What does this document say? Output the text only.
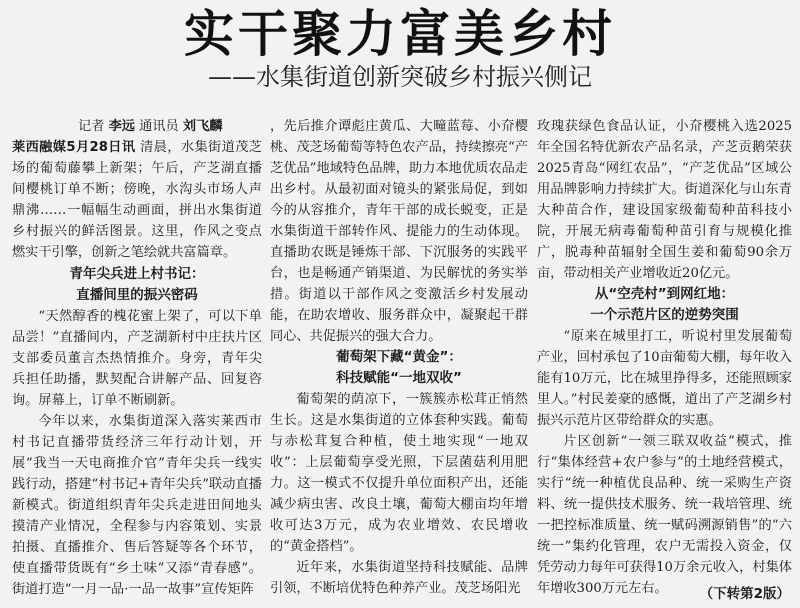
实干聚力富美乡村
——水集街道创新突破乡村振兴侧记

记者 李远 通讯员 刘飞麟

莱西融媒5月28日讯 清晨，水集街道茂芝场的葡萄藤攀上新架；午后，产芝湖直播间樱桃订单不断；傍晚，水沟头市场人声鼎沸……一幅幅生动画面，拼出水集街道乡村振兴的鲜活图景。这里，作风之变点燃实干引擎，创新之笔绘就共富篇章。

青年尖兵进上村书记：
直播间里的振兴密码

“天然醇香的槐花蜜上架了，可以下单品尝！”直播间内，产芝湖新村中庄扶片区支部委员董言杰热情推介。身旁，青年尖兵担任助播，默契配合讲解产品、回复咨询。屏幕上，订单不断刷新。

今年以来，水集街道深入落实莱西市村书记直播带货经济三年行动计划，开展“我当一天电商推介官”青年尖兵一线实践行动，搭建“村书记+青年尖兵”联动直播新模式。街道组织青年尖兵走进田间地头摸清产业情况，全程参与内容策划、实景拍摄、直播推介、售后答疑等各个环节，使直播带货既有“乡土味”又添“青春感”。街道打造“一月一品·一品一故事”宣传矩阵

，先后推介谭彪庄黄瓜、大疃蓝莓、小夼樱桃、茂芝场葡萄等特色农产品，持续擦亮“产芝优品”地域特色品牌，助力本地优质农品走出乡村。从最初面对镜头的紧张局促，到如今的从容推介，青年干部的成长蜕变，正是水集街道干部转作风、提能力的生动体现。直播助农既是锤炼干部、下沉服务的实践平台，也是畅通产销渠道、为民解忧的务实举措。街道以干部作风之变激活乡村发展动能，在助农增收、服务群众中，凝聚起干群同心、共促振兴的强大合力。

葡萄架下藏“黄金”：
科技赋能“一地双收”

葡萄架的荫凉下，一簇簇赤松茸正悄然生长。这是水集街道的立体套种实践。葡萄与赤松茸复合种植，使土地实现“一地双收”：上层葡萄享受光照，下层菌菇利用肥力。这一模式不仅提升单位面积产出，还能减少病虫害、改良土壤，葡萄大棚亩均年增收可达3万元，成为农业增效、农民增收的“黄金搭档”。

近年来，水集街道坚持科技赋能、品牌引领，不断培优特色种养产业。茂芝场阳光

玫瑰获绿色食品认证，小夼樱桃入选2025年全国名特优新农产品名录，产芝贡鹅荣获2025青岛“网红农品”，“产芝优品”区域公用品牌影响力持续扩大。街道深化与山东青大种苗合作，建设国家级葡萄种苗科技小院，开展无病毒葡萄种苗引育与规模化推广，脱毒种苗辐射全国生姜和葡萄90余万亩，带动相关产业增收近20亿元。

从“空壳村”到网红地：
一个示范片区的逆势突围

“原来在城里打工，听说村里发展葡萄产业，回村承包了10亩葡萄大棚，每年收入能有10万元，比在城里挣得多，还能照顾家里人。”村民姜豪的感慨，道出了产芝湖乡村振兴示范片区带给群众的实惠。

片区创新“一领三联双收益”模式，推行“集体经营+农户参与”的土地经营模式，实行“统一种植优良品种、统一采购生产资料、统一提供技术服务、统一栽培管理、统一把控标准质量、统一赋码溯源销售”的“六统一”集约化管理，农户无需投入资金，仅凭劳动力每年可获得10万余元收入，村集体年增收300万元左右。	（下转第2版）
